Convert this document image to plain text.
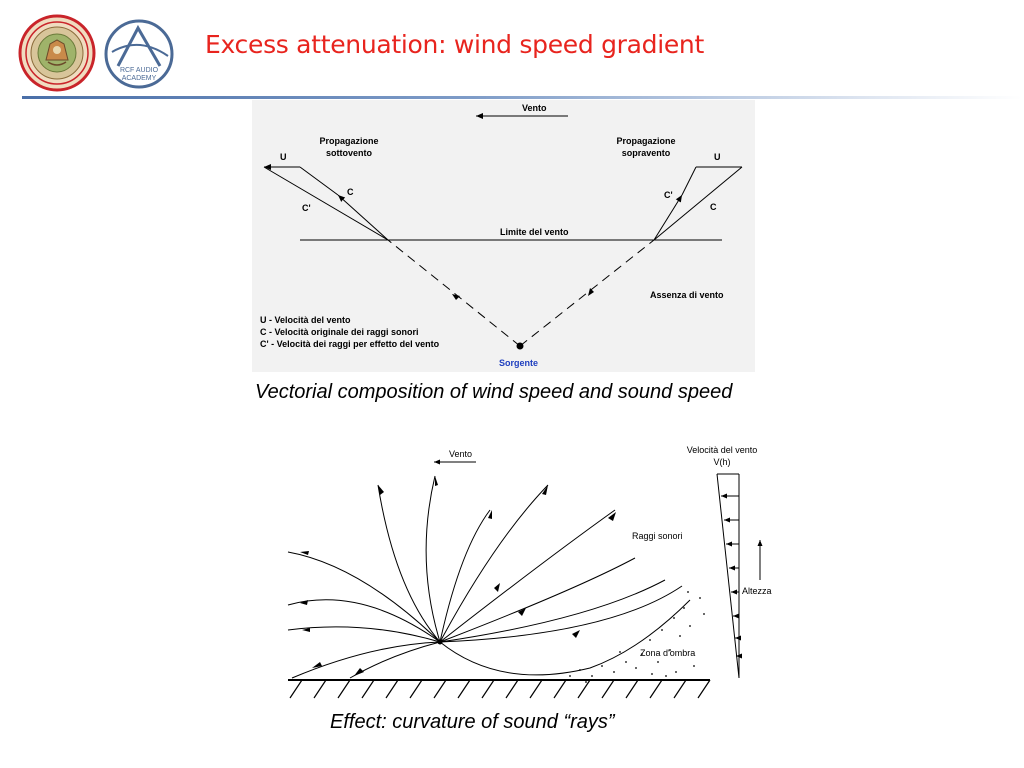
RCF AUDIO
ACADEMY
Excess attenuation: wind speed gradient
Vento
Propagazione
sottovento
Propagazione
sopravento
U
C
C'
U
C'
C
Limite del vento
Assenza di vento
U - Velocità del vento
C - Velocità originale dei raggi sonori
C' - Velocità dei raggi per effetto del vento
Sorgente
Vectorial composition of wind speed and sound speed
Vento
Zona d'ombra
Raggi sonori
Velocità del vento
V(h)
Altezza
Effect: curvature of sound “rays”
